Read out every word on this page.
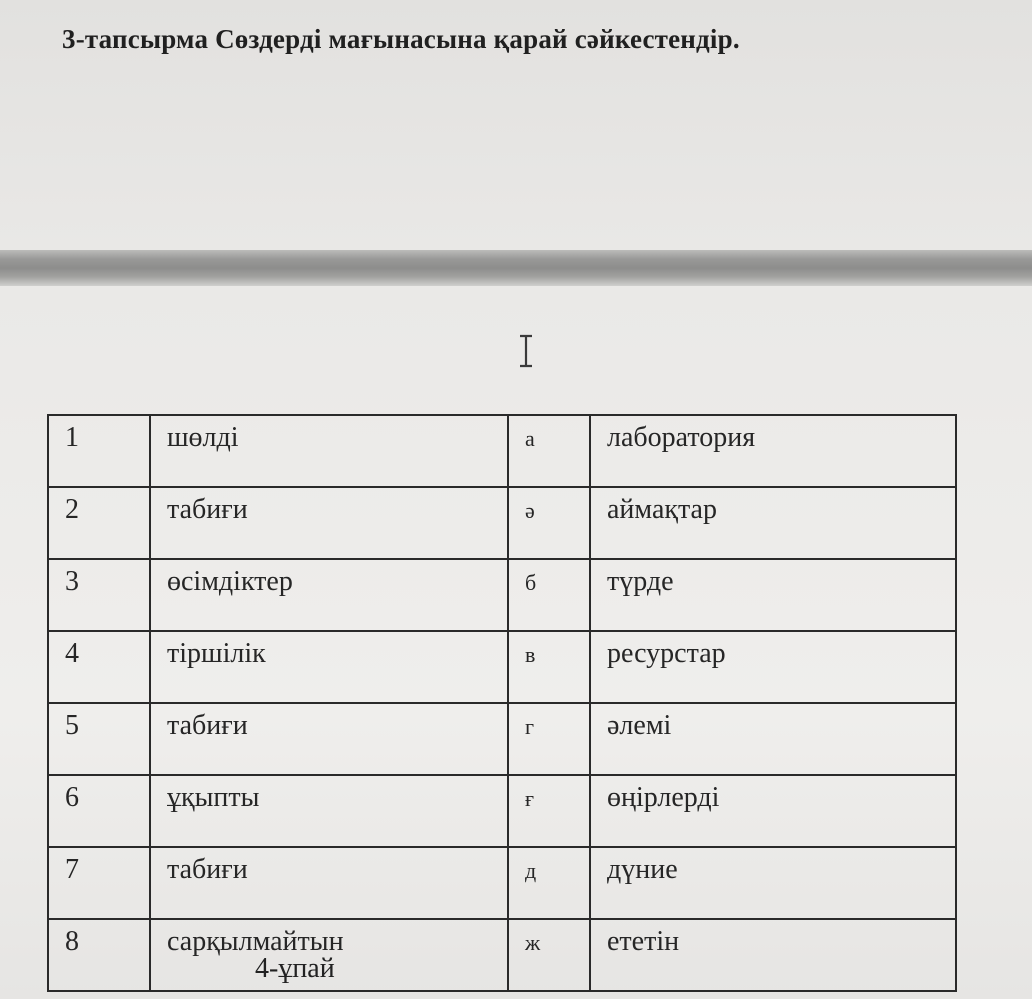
3-тапсырма Сөздерді мағынасына қарай сәйкестендір.
1	шөлді	а	лаборатория
2	табиғи	ә	аймақтар
3	өсімдіктер	б	түрде
4	тіршілік	в	ресурстар
5	табиғи	г	әлемі
6	ұқыпты	ғ	өңірлерді
7	табиғи	д	дүние
8	сарқылмайтын	ж	ететін
4-ұпай
